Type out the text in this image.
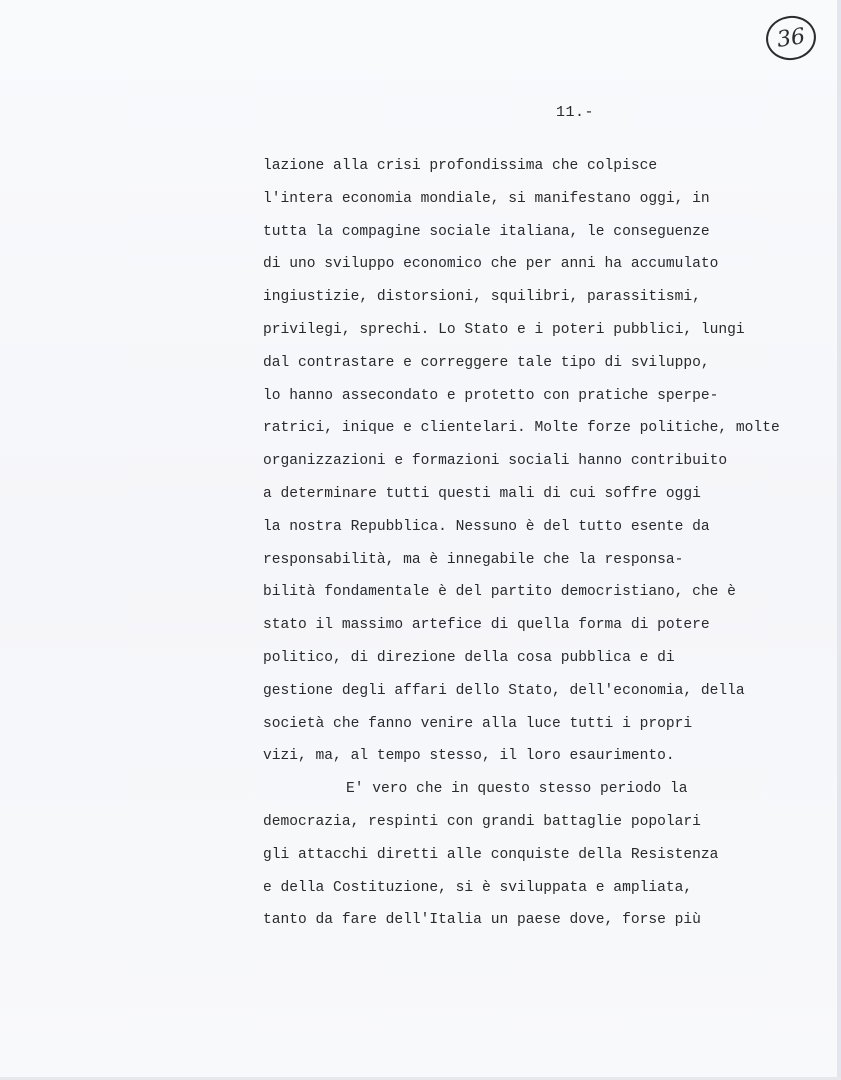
36
11.-
lazione alla crisi profondissima che colpisce
l'intera economia mondiale, si manifestano oggi, in
tutta la compagine sociale italiana, le conseguenze
di uno sviluppo economico che per anni ha accumulato
ingiustizie, distorsioni, squilibri, parassitismi,
privilegi, sprechi. Lo Stato e i poteri pubblici, lungi
dal contrastare e correggere tale tipo di sviluppo,
lo hanno assecondato e protetto con pratiche sperpe-
ratrici, inique e clientelari. Molte forze politiche, molte
organizzazioni e formazioni sociali hanno contribuito
a determinare tutti questi mali di cui soffre oggi
la nostra Repubblica. Nessuno è del tutto esente da
responsabilità, ma è innegabile che la responsa-
bilità fondamentale è del partito democristiano, che è
stato il massimo artefice di quella forma di potere
politico, di direzione della cosa pubblica e di
gestione degli affari dello Stato, dell'economia, della
società che fanno venire alla luce tutti i propri
vizi, ma, al tempo stesso, il loro esaurimento.
E' vero che in questo stesso periodo la
democrazia, respinti con grandi battaglie popolari
gli attacchi diretti alle conquiste della Resistenza
e della Costituzione, si è sviluppata e ampliata,
tanto da fare dell'Italia un paese dove, forse più
